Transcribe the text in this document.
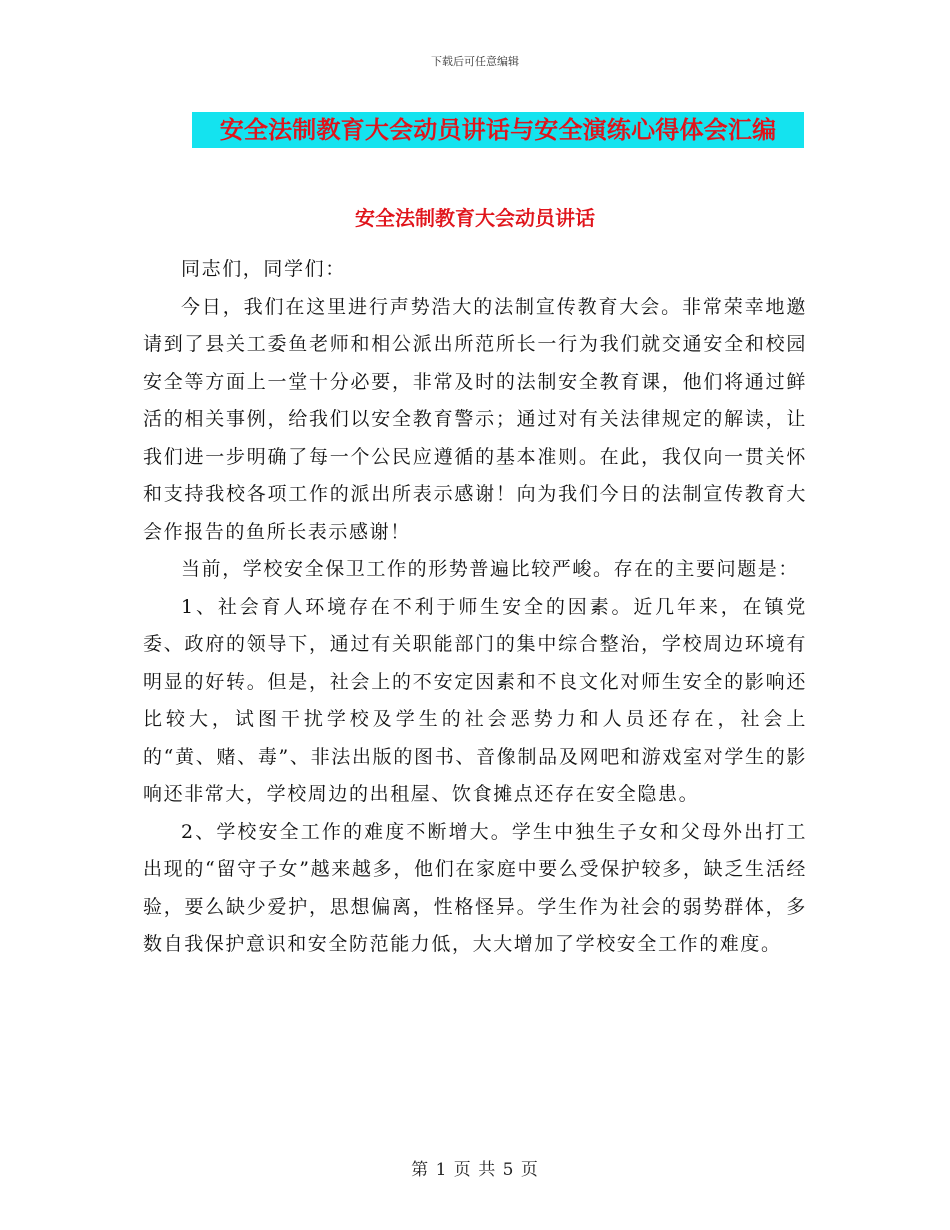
下载后可任意编辑
安全法制教育大会动员讲话与安全演练心得体会汇编
安全法制教育大会动员讲话

同志们，同学们：

今日，我们在这里进行声势浩大的法制宣传教育大会。非常荣幸地邀请到了县关工委鱼老师和相公派出所范所长一行为我们就交通安全和校园安全等方面上一堂十分必要，非常及时的法制安全教育课，他们将通过鲜活的相关事例，给我们以安全教育警示；通过对有关法律规定的解读，让我们进一步明确了每一个公民应遵循的基本准则。在此，我仅向一贯关怀和支持我校各项工作的派出所表示感谢！向为我们今日的法制宣传教育大会作报告的鱼所长表示感谢！

当前，学校安全保卫工作的形势普遍比较严峻。存在的主要问题是：

1、社会育人环境存在不利于师生安全的因素。近几年来，在镇党委、政府的领导下，通过有关职能部门的集中综合整治，学校周边环境有明显的好转。但是，社会上的不安定因素和不良文化对师生安全的影响还比较大，试图干扰学校及学生的社会恶势力和人员还存在，社会上的“黄、赌、毒”、非法出版的图书、音像制品及网吧和游戏室对学生的影响还非常大，学校周边的出租屋、饮食摊点还存在安全隐患。

2、学校安全工作的难度不断增大。学生中独生子女和父母外出打工出现的“留守子女”越来越多，他们在家庭中要么受保护较多，缺乏生活经验，要么缺少爱护，思想偏离，性格怪异。学生作为社会的弱势群体，多数自我保护意识和安全防范能力低，大大增加了学校安全工作的难度。

第 1 页 共 5 页
